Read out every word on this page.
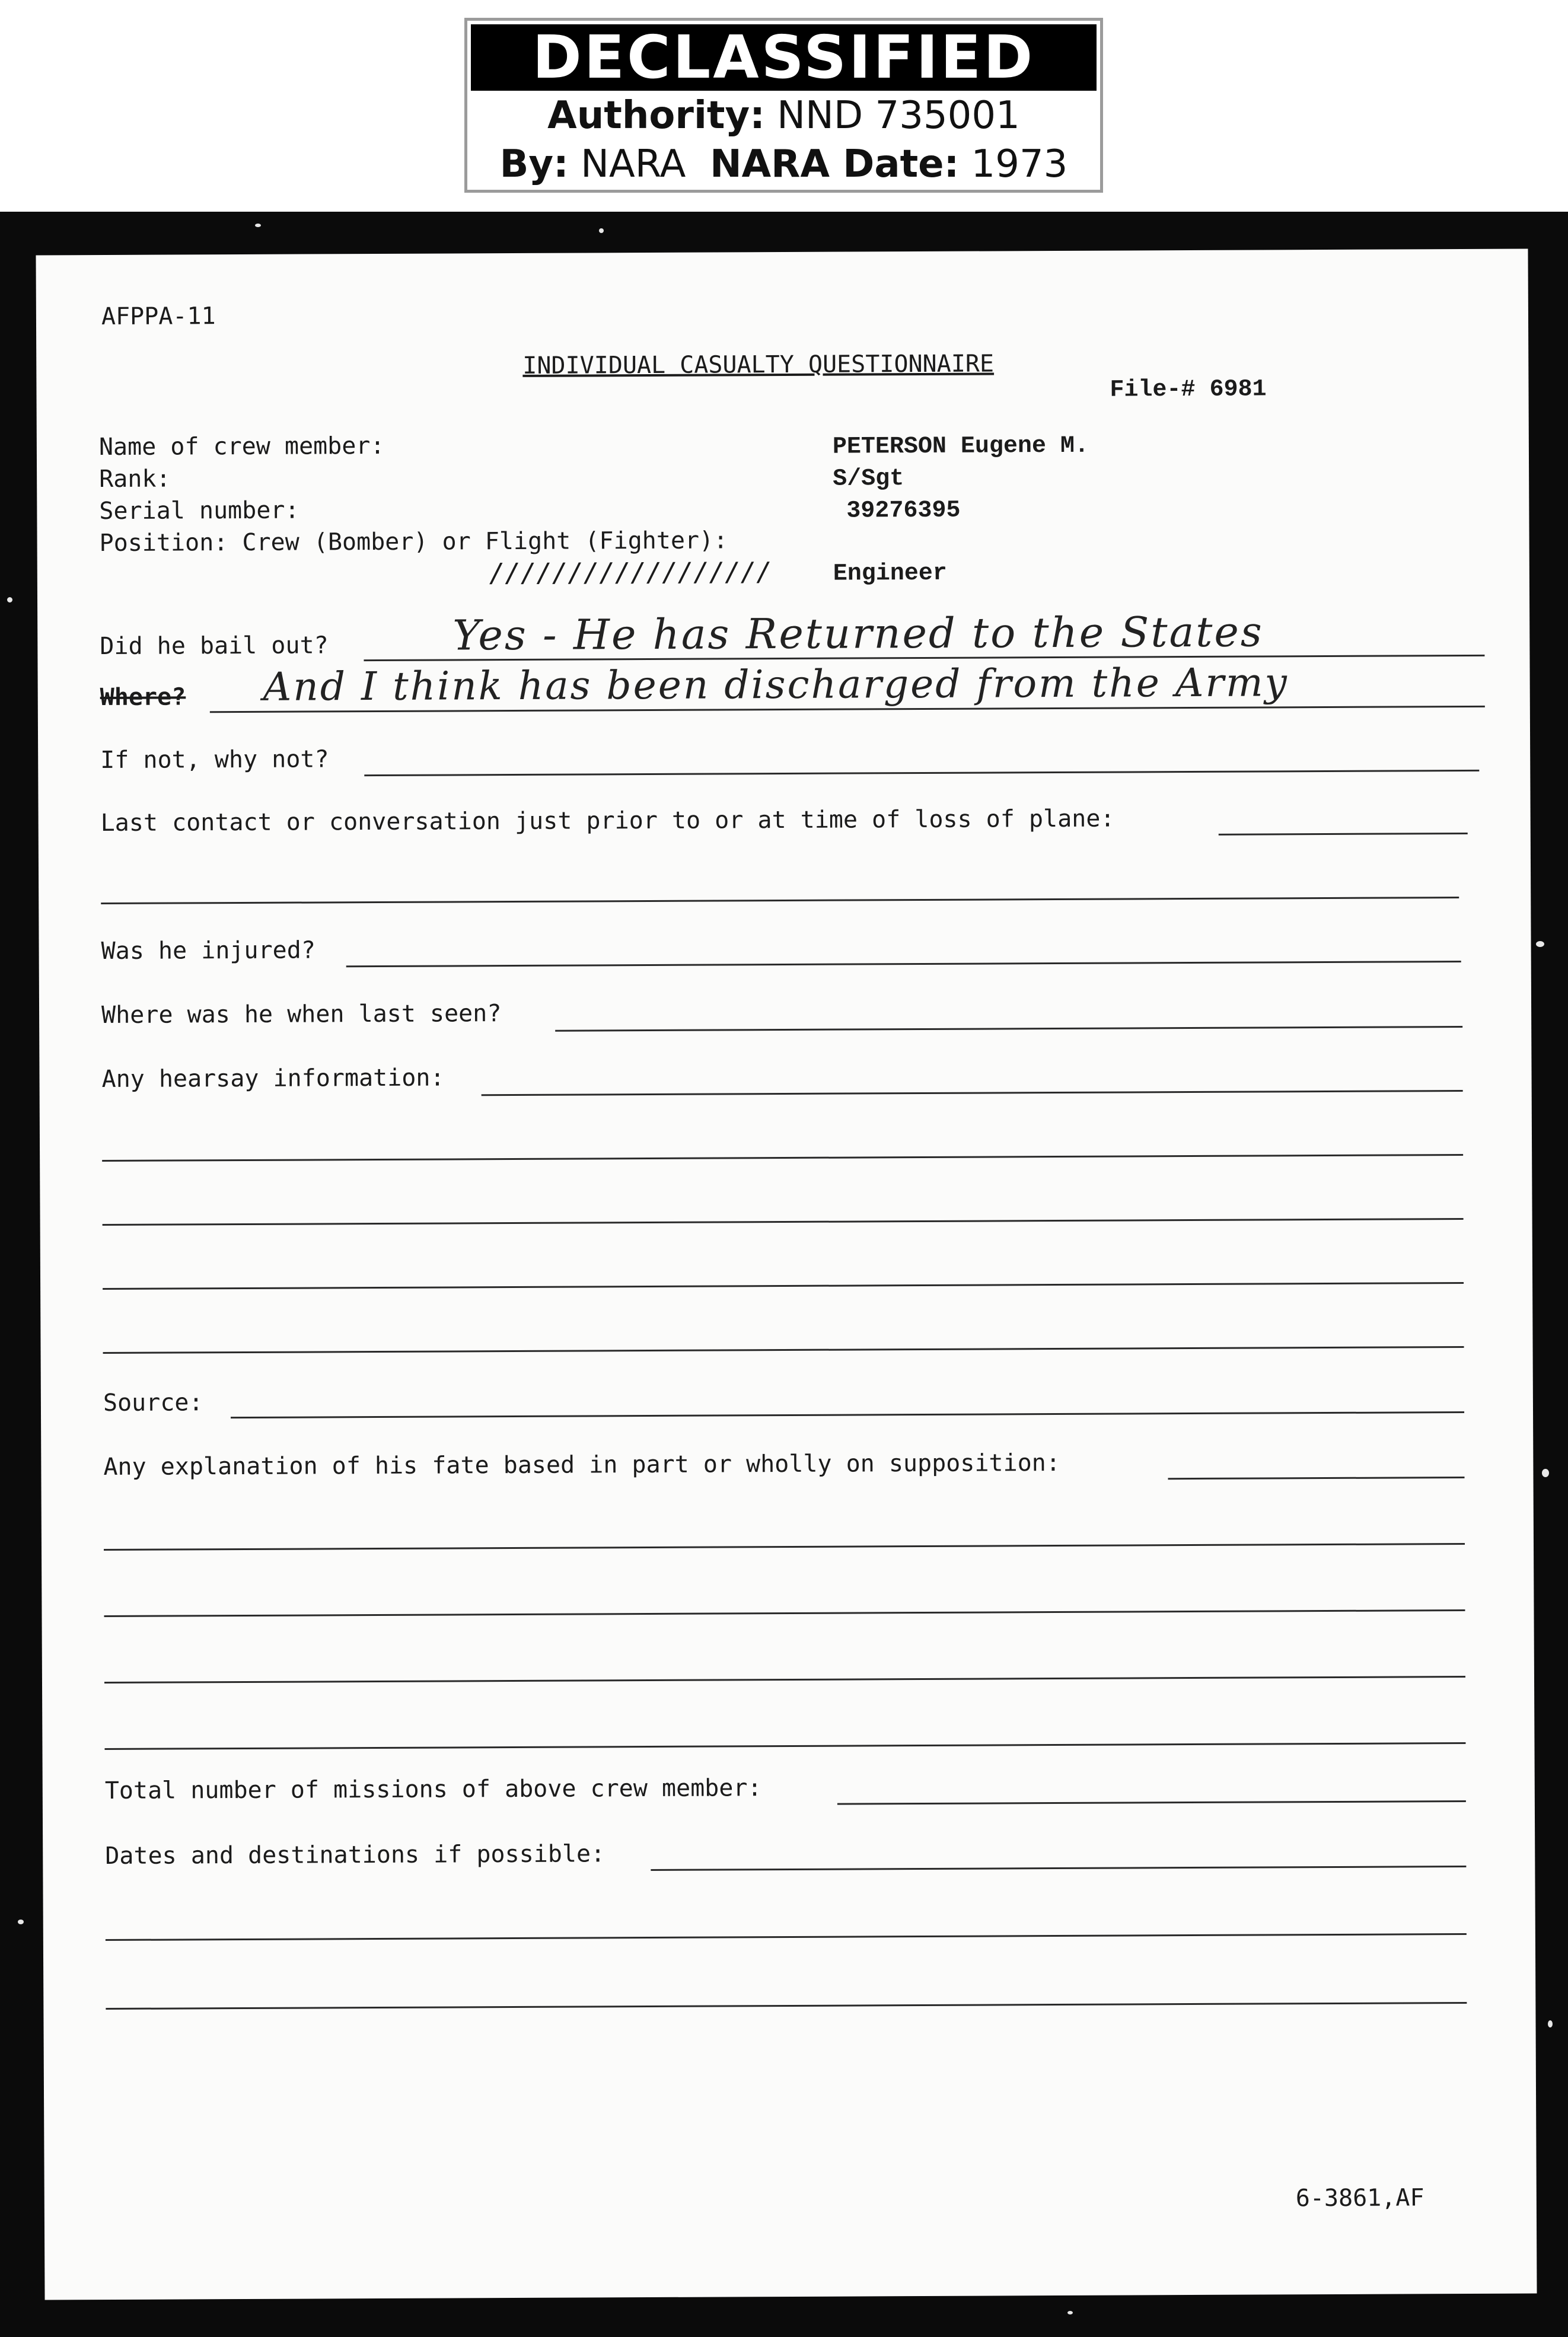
DECLASSIFIED
Authority: NND 735001
By: NARA NARA Date: 1973
AFPPA-11
INDIVIDUAL CASUALTY QUESTIONNAIRE
File-# 6981
Name of crew member:
Rank:
Serial number:
Position: Crew (Bomber) or Flight (Fighter):
//////////////////
PETERSON Eugene M.
S/Sgt
39276395
Engineer
Did he bail out?	Yes - He has Returned to the States
Where? And I think has been discharged from the Army
If not, why not?
Last contact or conversation just prior to or at time of loss of plane:
Was he injured?
Where was he when last seen?
Any hearsay information:
Source:
Any explanation of his fate based in part or wholly on supposition:
Total number of missions of above crew member:
Dates and destinations if possible:
6-3861,AF
